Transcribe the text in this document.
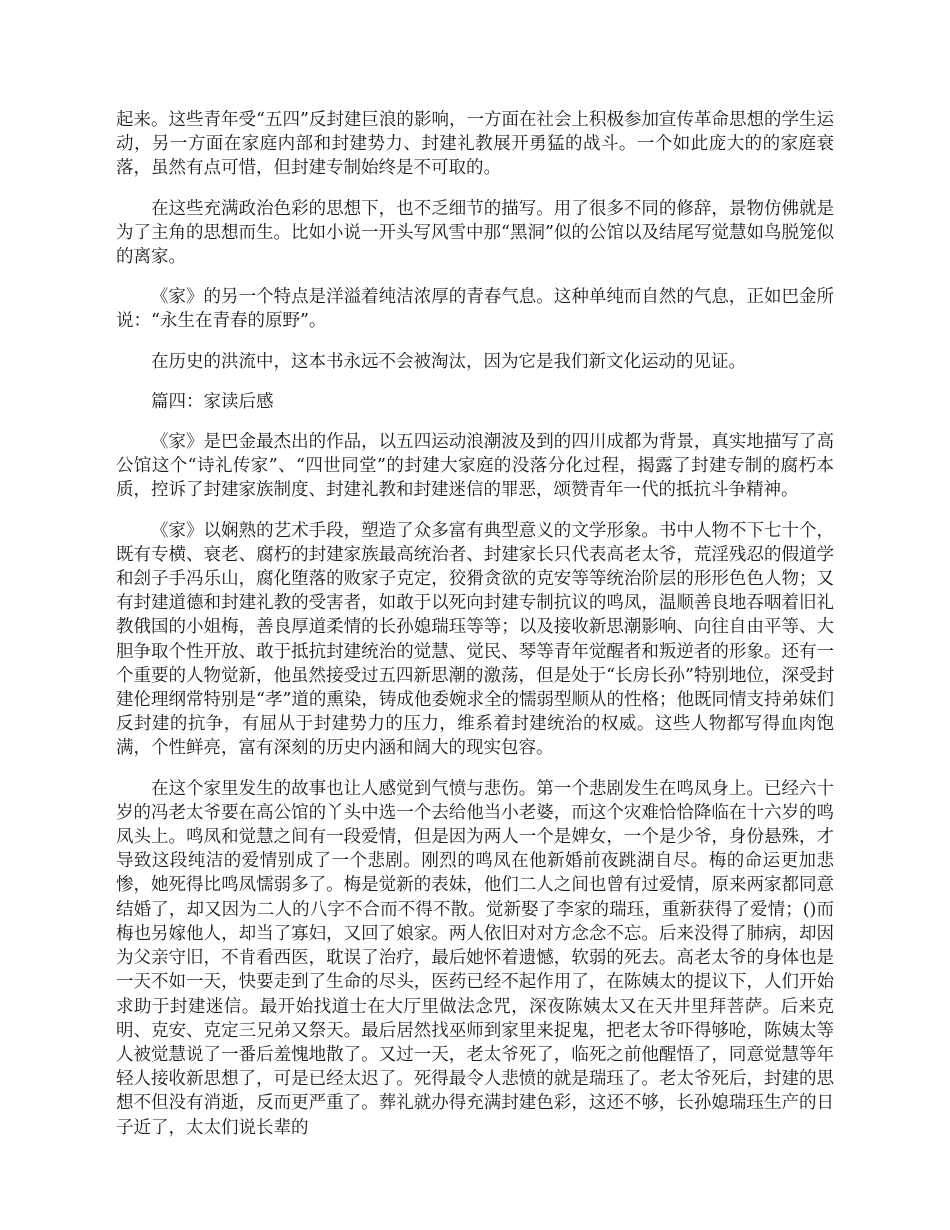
起来。这些青年受“五四”反封建巨浪的影响，一方面在社会上积极参加宣传革命思想的学生运动，另一方面在家庭内部和封建势力、封建礼教展开勇猛的战斗。一个如此庞大的的家庭衰落，虽然有点可惜，但封建专制始终是不可取的。

在这些充满政治色彩的思想下，也不乏细节的描写。用了很多不同的修辞，景物仿佛就是为了主角的思想而生。比如小说一开头写风雪中那“黑洞”似的公馆以及结尾写觉慧如鸟脱笼似的离家。

《家》的另一个特点是洋溢着纯洁浓厚的青春气息。这种单纯而自然的气息，正如巴金所说：“永生在青春的原野”。

在历史的洪流中，这本书永远不会被淘汰，因为它是我们新文化运动的见证。

篇四：家读后感

《家》是巴金最杰出的作品，以五四运动浪潮波及到的四川成都为背景，真实地描写了高公馆这个“诗礼传家”、“四世同堂”的封建大家庭的没落分化过程，揭露了封建专制的腐朽本质，控诉了封建家族制度、封建礼教和封建迷信的罪恶，颂赞青年一代的抵抗斗争精神。

《家》以娴熟的艺术手段，塑造了众多富有典型意义的文学形象。书中人物不下七十个，既有专横、衰老、腐朽的封建家族最高统治者、封建家长只代表高老太爷，荒淫残忍的假道学和刽子手冯乐山，腐化堕落的败家子克定，狡猾贪欲的克安等等统治阶层的形形色色人物；又有封建道德和封建礼教的受害者，如敢于以死向封建专制抗议的鸣凤，温顺善良地吞咽着旧礼教俄国的小姐梅，善良厚道柔情的长孙媳瑞珏等等；以及接收新思潮影响、向往自由平等、大胆争取个性开放、敢于抵抗封建统治的觉慧、觉民、琴等青年觉醒者和叛逆者的形象。还有一个重要的人物觉新，他虽然接受过五四新思潮的激荡，但是处于“长房长孙”特别地位，深受封建伦理纲常特别是“孝”道的熏染，铸成他委婉求全的懦弱型顺从的性格；他既同情支持弟妹们反封建的抗争，有屈从于封建势力的压力，维系着封建统治的权威。这些人物都写得血肉饱满，个性鲜亮，富有深刻的历史内涵和阔大的现实包容。

在这个家里发生的故事也让人感觉到气愤与悲伤。第一个悲剧发生在鸣凤身上。已经六十岁的冯老太爷要在高公馆的丫头中选一个去给他当小老婆，而这个灾难恰恰降临在十六岁的鸣凤头上。鸣凤和觉慧之间有一段爱情，但是因为两人一个是婢女，一个是少爷，身份悬殊，才导致这段纯洁的爱情别成了一个悲剧。刚烈的鸣凤在他新婚前夜跳湖自尽。梅的命运更加悲惨，她死得比鸣凤懦弱多了。梅是觉新的表妹，他们二人之间也曾有过爱情，原来两家都同意结婚了，却又因为二人的八字不合而不得不散。觉新娶了李家的瑞珏，重新获得了爱情；()而梅也另嫁他人，却当了寡妇，又回了娘家。两人依旧对对方念念不忘。后来没得了肺病，却因为父亲守旧，不肯看西医，耽误了治疗，最后她怀着遗憾，软弱的死去。高老太爷的身体也是一天不如一天，快要走到了生命的尽头，医药已经不起作用了，在陈姨太的提议下，人们开始求助于封建迷信。最开始找道士在大厅里做法念咒，深夜陈姨太又在天井里拜菩萨。后来克明、克安、克定三兄弟又祭天。最后居然找巫师到家里来捉鬼，把老太爷吓得够呛，陈姨太等人被觉慧说了一番后羞愧地散了。又过一天，老太爷死了，临死之前他醒悟了，同意觉慧等年轻人接收新思想了，可是已经太迟了。死得最令人悲愤的就是瑞珏了。老太爷死后，封建的思想不但没有消逝，反而更严重了。葬礼就办得充满封建色彩，这还不够，长孙媳瑞珏生产的日子近了，太太们说长辈的
